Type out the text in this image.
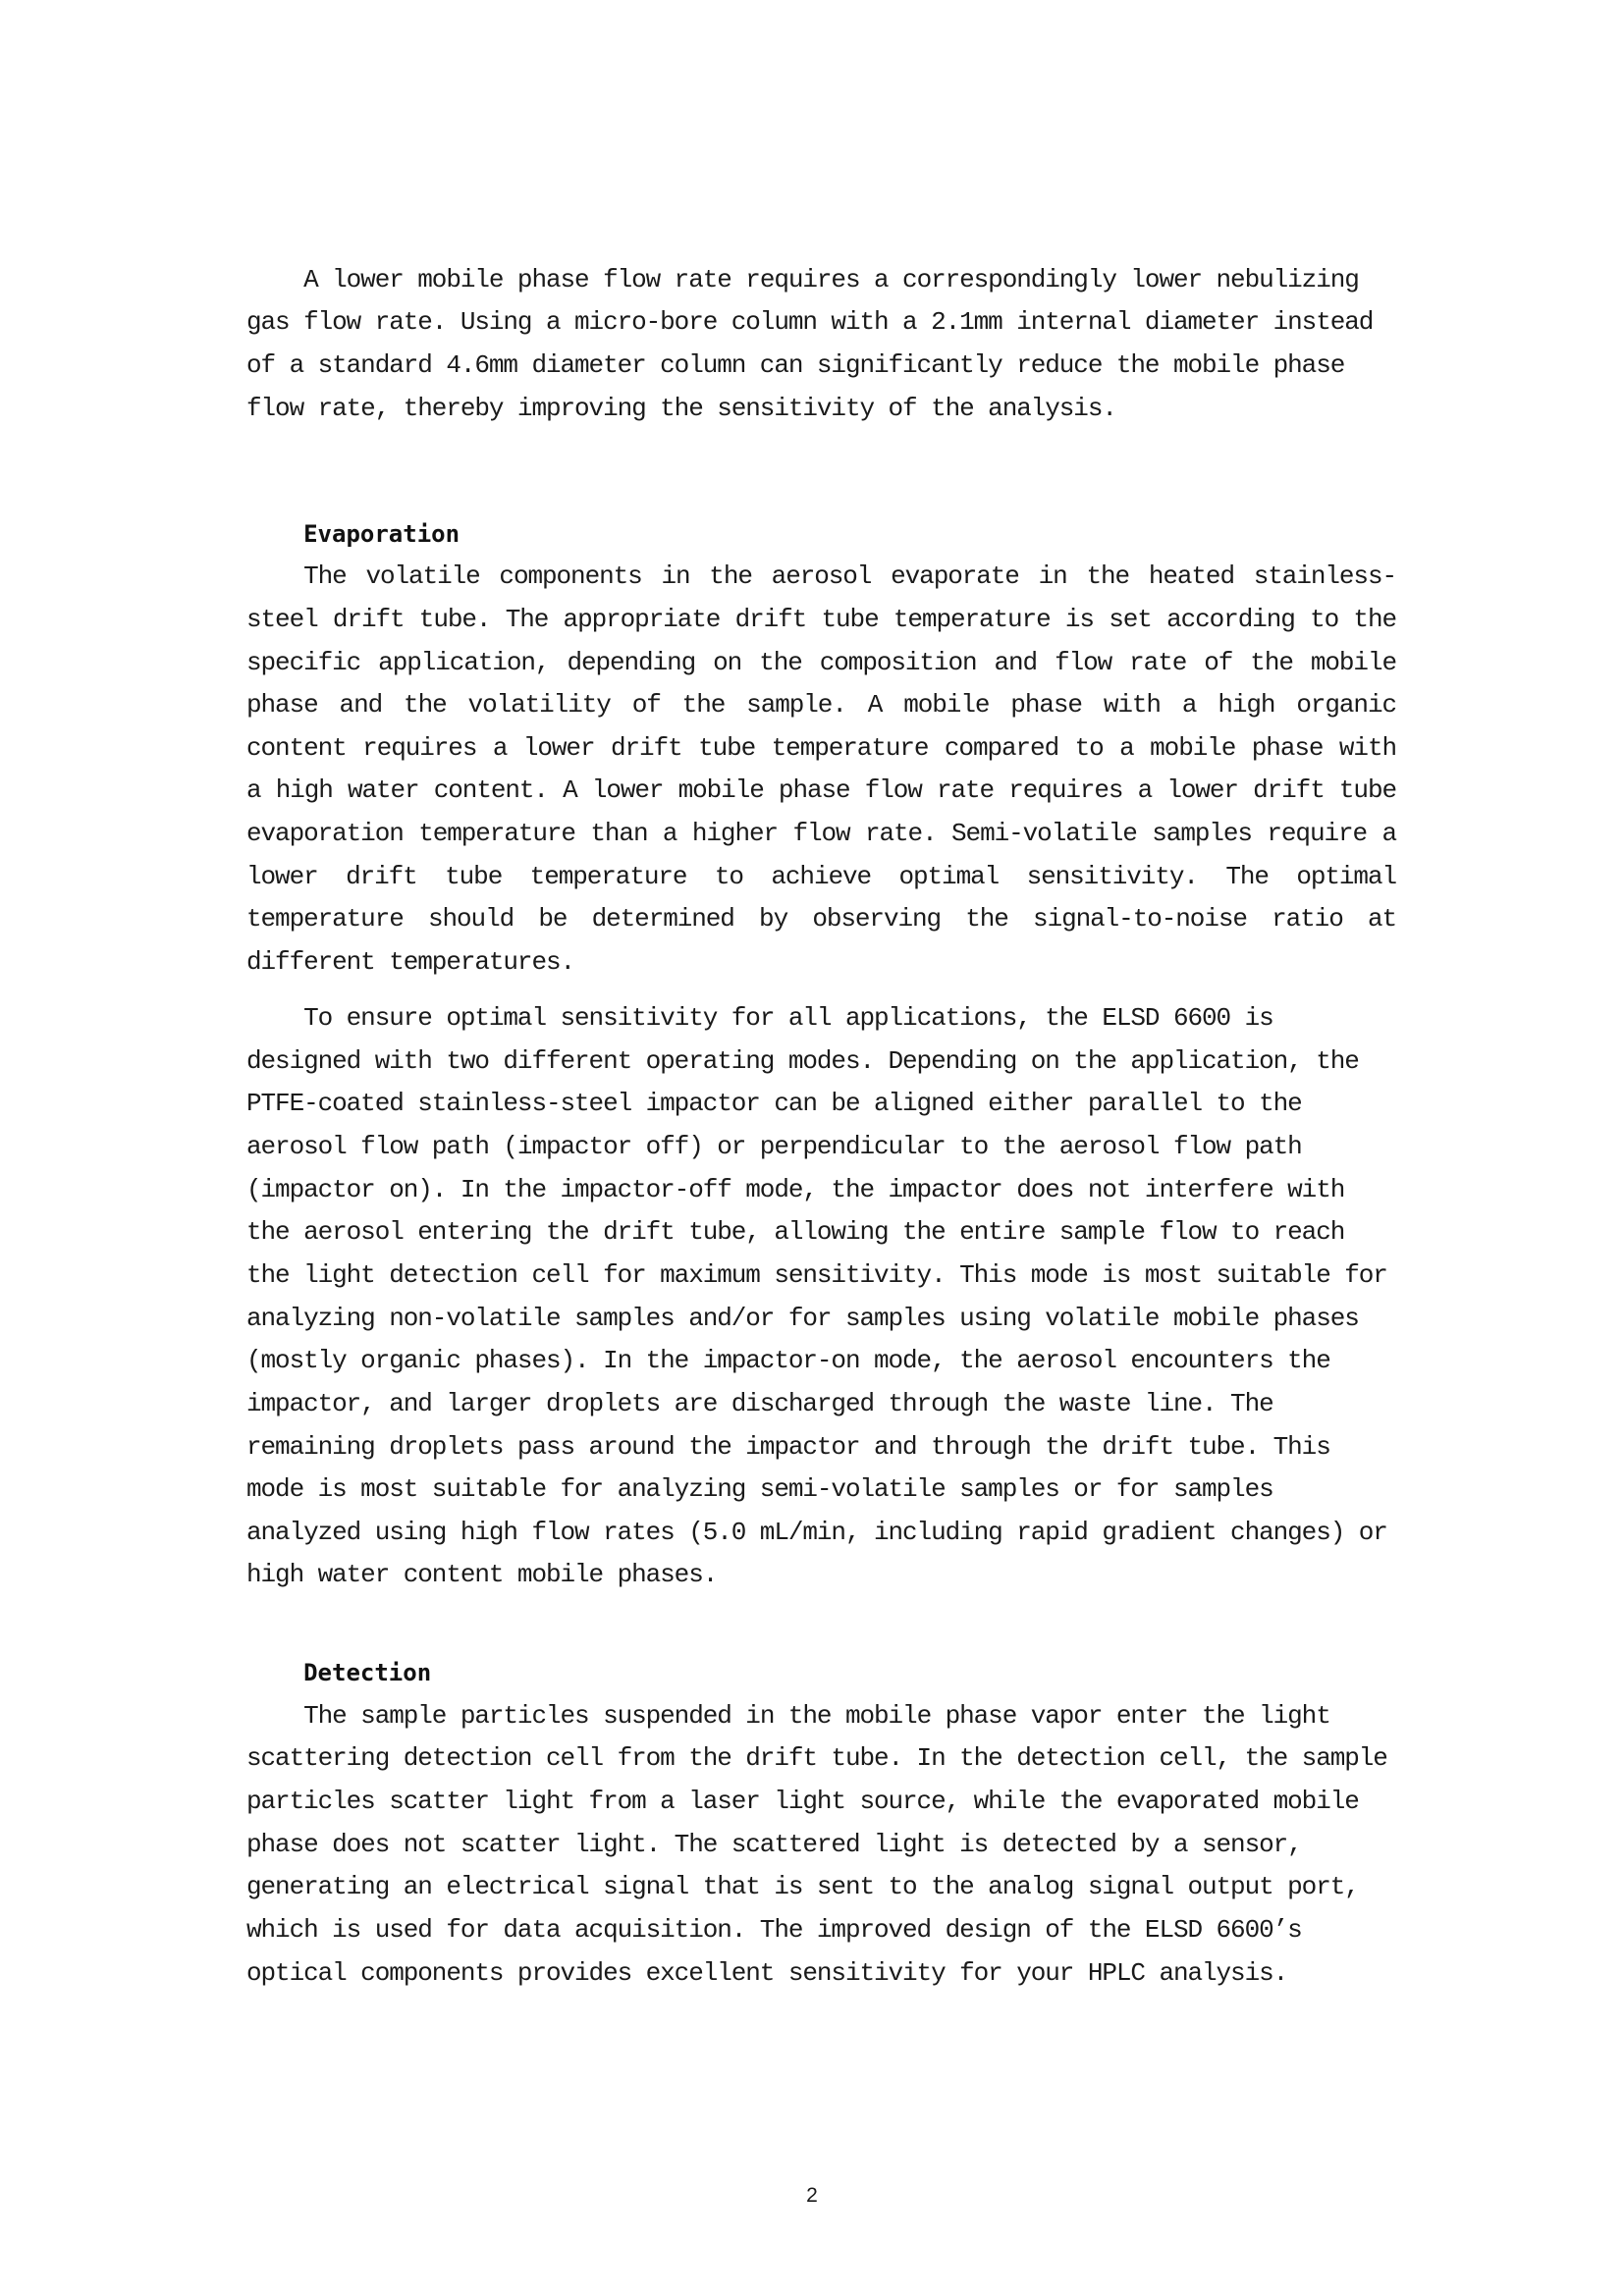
A lower mobile phase flow rate requires a correspondingly lower nebulizing
gas flow rate. Using a micro-bore column with a 2.1mm internal diameter instead
of a standard 4.6mm diameter column can significantly reduce the mobile phase
flow rate, thereby improving the sensitivity of the analysis.
Evaporation
The volatile components in the aerosol evaporate in the heated stainless-
steel drift tube. The appropriate drift tube temperature is set according to the
specific application, depending on the composition and flow rate of the mobile
phase and the volatility of the sample. A mobile phase with a high organic
content requires a lower drift tube temperature compared to a mobile phase with
a high water content. A lower mobile phase flow rate requires a lower drift tube
evaporation temperature than a higher flow rate. Semi-volatile samples require a
lower drift tube temperature to achieve optimal sensitivity. The optimal
temperature should be determined by observing the signal-to-noise ratio at
different temperatures.
To ensure optimal sensitivity for all applications, the ELSD 6600 is
designed with two different operating modes. Depending on the application, the
PTFE-coated stainless-steel impactor can be aligned either parallel to the
aerosol flow path (impactor off) or perpendicular to the aerosol flow path
(impactor on). In the impactor-off mode, the impactor does not interfere with
the aerosol entering the drift tube, allowing the entire sample flow to reach
the light detection cell for maximum sensitivity. This mode is most suitable for
analyzing non-volatile samples and/or for samples using volatile mobile phases
(mostly organic phases). In the impactor-on mode, the aerosol encounters the
impactor, and larger droplets are discharged through the waste line. The
remaining droplets pass around the impactor and through the drift tube. This
mode is most suitable for analyzing semi-volatile samples or for samples
analyzed using high flow rates (5.0 mL/min, including rapid gradient changes) or
high water content mobile phases.
Detection
The sample particles suspended in the mobile phase vapor enter the light
scattering detection cell from the drift tube. In the detection cell, the sample
particles scatter light from a laser light source, while the evaporated mobile
phase does not scatter light. The scattered light is detected by a sensor,
generating an electrical signal that is sent to the analog signal output port,
which is used for data acquisition. The improved design of the ELSD 6600’s
optical components provides excellent sensitivity for your HPLC analysis.
2
